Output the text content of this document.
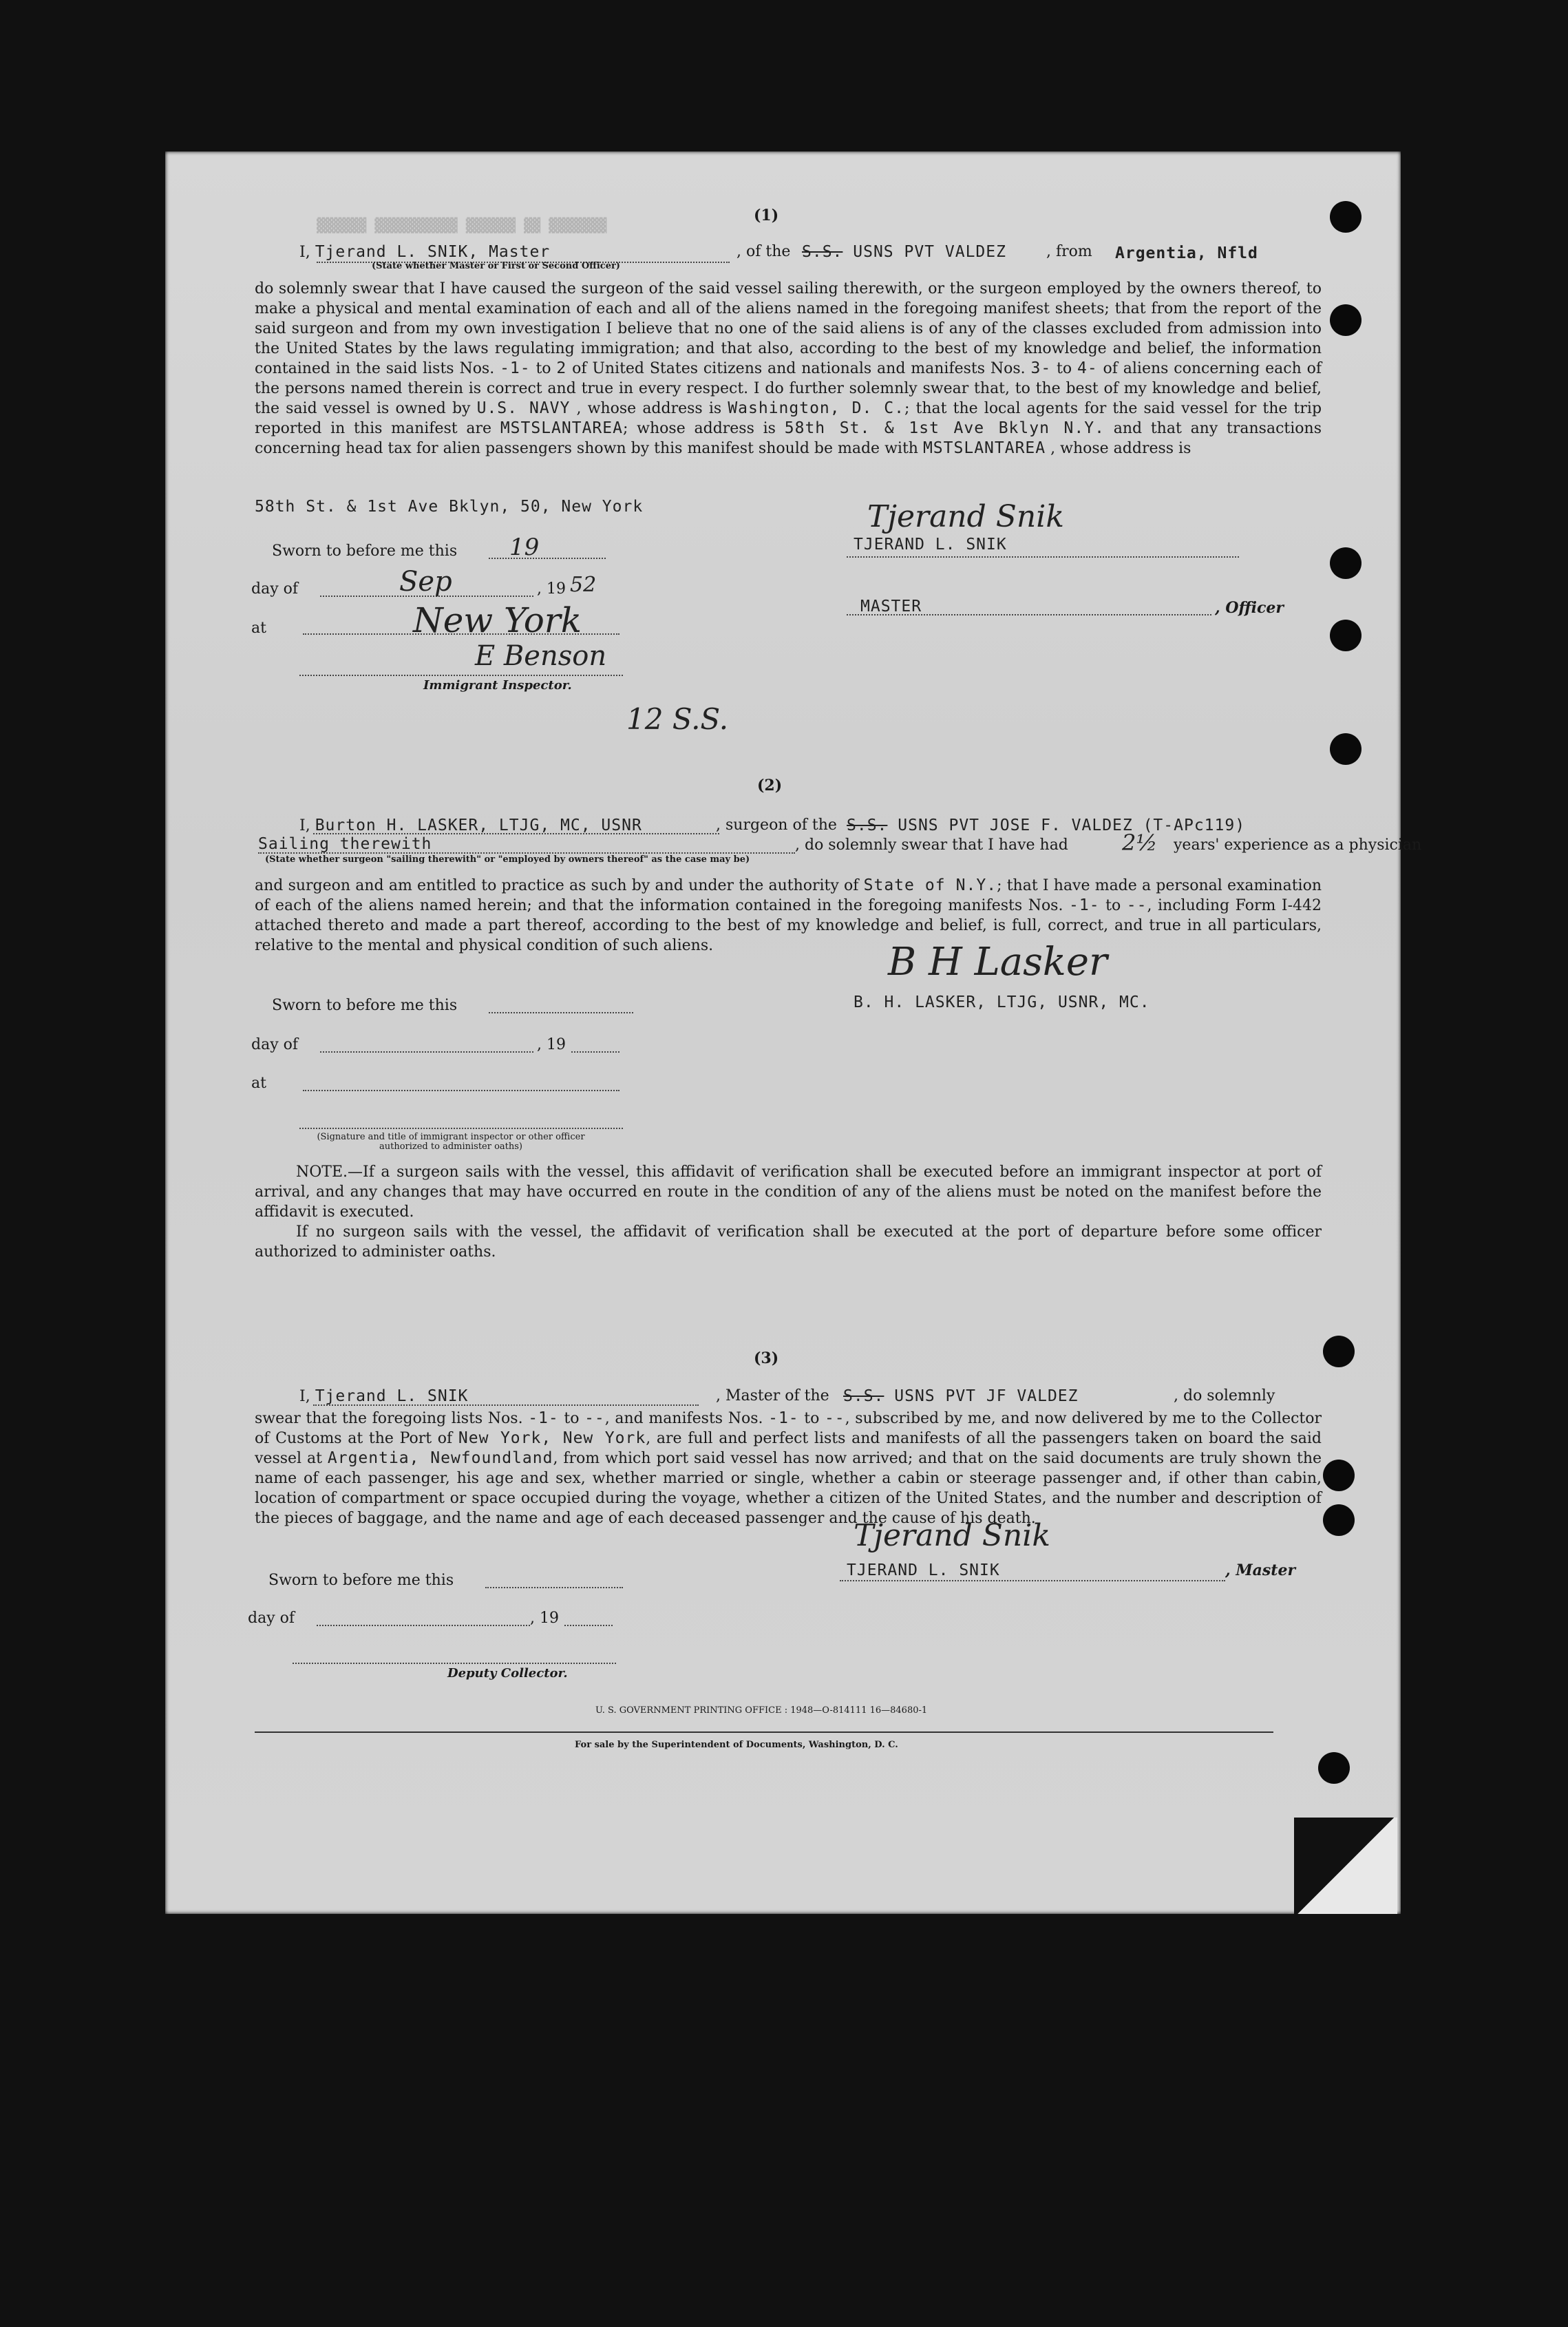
▓▓▓▓▓▓ ▓▓▓▓▓▓▓▓▓▓ ▓▓▓▓▓▓ ▓▓ ▓▓▓▓▓▓▓
(1)
I, Tjerand L. SNIK, Master	, of the S.S. USNS PVT VALDEZ	, from Argentia, Nfld
(State whether Master or First or Second Officer)
do solemnly swear that I have caused the surgeon of the said vessel sailing therewith, or the surgeon employed by the owners thereof, to make a physical and mental examination of each and all of the aliens named in the foregoing manifest sheets; that from the report of the said surgeon and from my own investigation I believe that no one of the said aliens is of any of the classes excluded from admission into the United States by the laws regulating immigration; and that also, according to the best of my knowledge and belief, the information contained in the said lists Nos. -1- to 2 of United States citizens and nationals and manifests Nos. 3- to 4- of aliens concerning each of the persons named therein is correct and true in every respect. I do further solemnly swear that, to the best of my knowledge and belief, the said vessel is owned by U.S. NAVY , whose address is Washington, D. C.; that the local agents for the said vessel for the trip reported in this manifest are MSTSLANTAREA; whose address is 58th St. & 1st Ave Bklyn N.Y. and that any transactions concerning head tax for alien passengers shown by this manifest should be made with MSTSLANTAREA , whose address is
58th St. & 1st Ave Bklyn, 50, New York	Tjerand Snik
TJERAND L. SNIK
Sworn to before me this 19
day of	Sep	, 19 52
MASTER	, Officer
at	New York
E Benson
Immigrant Inspector.
12 S.S.
(2)
I, Burton H. LASKER, LTJG, MC, USNR	, surgeon of the S.S. USNS PVT JOSE F. VALDEZ (T-APc119)
Sailing therewith	, do solemnly swear that I have had 2½ years' experience as a physician
(State whether surgeon "sailing therewith" or "employed by owners thereof" as the case may be)
and surgeon and am entitled to practice as such by and under the authority of State of N.Y.; that I have made a personal examination of each of the aliens named herein; and that the information contained in the foregoing manifests Nos. -1- to --, including Form I-442 attached thereto and made a part thereof, according to the best of my knowledge and belief, is full, correct, and true in all particulars, relative to the mental and physical condition of such aliens.	B H Lasker
B. H. LASKER, LTJG, USNR, MC.
Sworn to before me this
day of	, 19
at
(Signature and title of immigrant inspector or other officer authorized to administer oaths)
NOTE.—If a surgeon sails with the vessel, this affidavit of verification shall be executed before an immigrant inspector at port of arrival, and any changes that may have occurred en route in the condition of any of the aliens must be noted on the manifest before the affidavit is executed.
If no surgeon sails with the vessel, the affidavit of verification shall be executed at the port of departure before some officer authorized to administer oaths.
(3)
I, Tjerand L. SNIK	, Master of the S.S. USNS PVT JF VALDEZ	, do solemnly
swear that the foregoing lists Nos. -1- to --, and manifests Nos. -1- to --, subscribed by me, and now delivered by me to the Collector of Customs at the Port of New York, New York, are full and perfect lists and manifests of all the passengers taken on board the said vessel at Argentia, Newfoundland, from which port said vessel has now arrived; and that on the said documents are truly shown the name of each passenger, his age and sex, whether married or single, whether a cabin or steerage passenger and, if other than cabin, location of compartment or space occupied during the voyage, whether a citizen of the United States, and the number and description of the pieces of baggage, and the name and age of each deceased passenger and the cause of his death.
Tjerand Snik
TJERAND L. SNIK	, Master
Sworn to before me this
day of	, 19
Deputy Collector.
U. S. GOVERNMENT PRINTING OFFICE : 1948—O-814111 16—84680-1
For sale by the Superintendent of Documents, Washington, D. C.
